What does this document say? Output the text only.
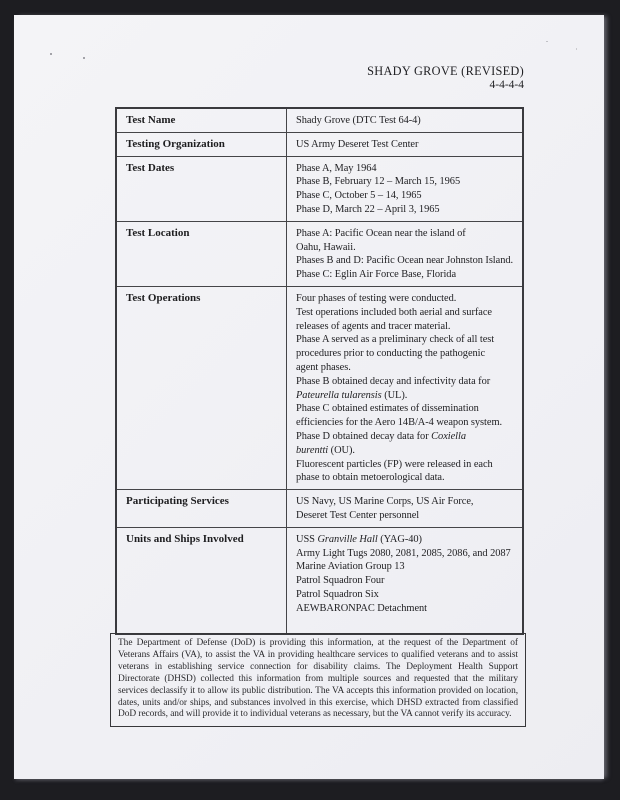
SHADY GROVE (REVISED)
4-4-4-4
Test Name	Shady Grove (DTC Test 64-4)

Testing Organization	US Army Deseret Test Center

Test Dates	Phase A, May 1964
Phase B, February 12 – March 15, 1965
Phase C, October 5 – 14, 1965
Phase D, March 22 – April 3, 1965

Test Location	Phase A: Pacific Ocean near the island of
Oahu, Hawaii.
Phases B and D: Pacific Ocean near Johnston Island.
Phase C: Eglin Air Force Base, Florida

Test Operations	Four phases of testing were conducted.
Test operations included both aerial and surface
releases of agents and tracer material.
Phase A served as a preliminary check of all test
procedures prior to conducting the pathogenic
agent phases.
Phase B obtained decay and infectivity data for
Pateurella tularensis (UL).
Phase C obtained estimates of dissemination
efficiencies for the Aero 14B/A-4 weapon system.
Phase D obtained decay data for Coxiella
burentti (OU).
Fluorescent particles (FP) were released in each
phase to obtain metoerological data.

Participating Services	US Navy, US Marine Corps, US Air Force,
Deseret Test Center personnel

Units and Ships Involved	USS Granville Hall (YAG-40)
Army Light Tugs 2080, 2081, 2085, 2086, and 2087
Marine Aviation Group 13
Patrol Squadron Four
Patrol Squadron Six
AEWBARONPAC Detachment

The Department of Defense (DoD) is providing this information, at the request of the Department of Veterans Affairs (VA), to assist the VA in providing healthcare services to qualified veterans and to assist veterans in establishing service connection for disability claims. The Deployment Health Support Directorate (DHSD) collected this information from multiple sources and requested that the military services declassify it to allow its public distribution. The VA accepts this information provided on location, dates, units and/or ships, and substances involved in this exercise, which DHSD extracted from classified DoD records, and will provide it to individual veterans as necessary, but the VA cannot verify its accuracy.
